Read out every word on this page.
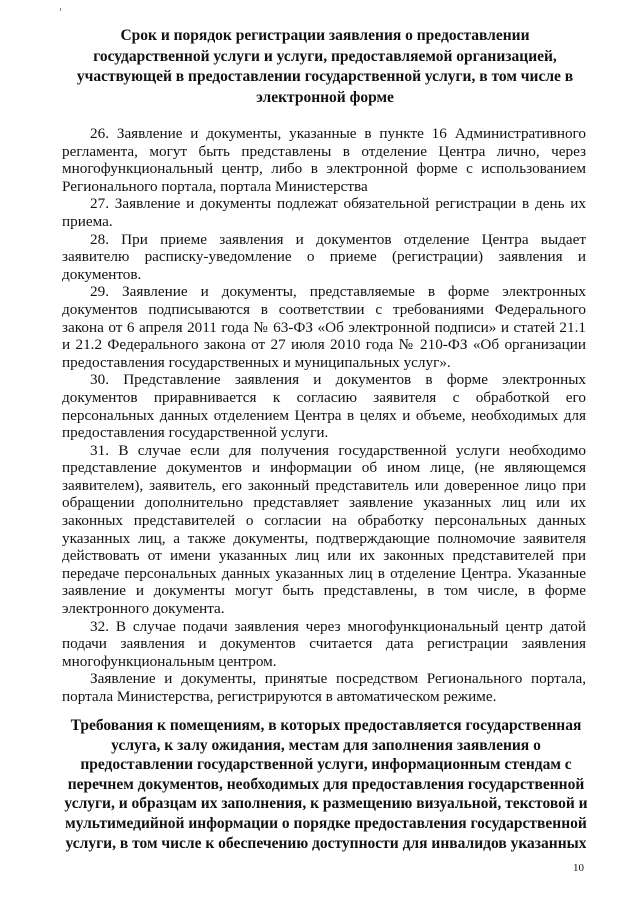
Срок и порядок регистрации заявления о предоставлении государственной услуги и услуги, предоставляемой организацией, участвующей в предоставлении государственной услуги, в том числе в электронной форме

26. Заявление и документы, указанные в пункте 16 Административного регламента, могут быть представлены в отделение Центра лично, через многофункциональный центр, либо в электронной форме с использованием Регионального портала, портала Министерства

27. Заявление и документы подлежат обязательной регистрации в день их приема.

28. При приеме заявления и документов отделение Центра выдает заявителю расписку-уведомление о приеме (регистрации) заявления и документов.

29. Заявление и документы, представляемые в форме электронных документов подписываются в соответствии с требованиями Федерального закона от 6 апреля 2011 года № 63-ФЗ «Об электронной подписи» и статей 21.1 и 21.2 Федерального закона от 27 июля 2010 года № 210-ФЗ «Об организации предоставления государственных и муниципальных услуг».

30. Представление заявления и документов в форме электронных документов приравнивается к согласию заявителя с обработкой его персональных данных отделением Центра в целях и объеме, необходимых для предоставления государственной услуги.

31. В случае если для получения государственной услуги необходимо представление документов и информации об ином лице, (не являющемся заявителем), заявитель, его законный представитель или доверенное лицо при обращении дополнительно представляет заявление указанных лиц или их законных представителей о согласии на обработку персональных данных указанных лиц, а также документы, подтверждающие полномочие заявителя действовать от имени указанных лиц или их законных представителей при передаче персональных данных указанных лиц в отделение Центра. Указанные заявление и документы могут быть представлены, в том числе, в форме электронного документа.

32. В случае подачи заявления через многофункциональный центр датой подачи заявления и документов считается дата регистрации заявления многофункциональным центром.

Заявление и документы, принятые посредством Регионального портала, портала Министерства, регистрируются в автоматическом режиме.

Требования к помещениям, в которых предоставляется государственная услуга, к залу ожидания, местам для заполнения заявления о предоставлении государственной услуги, информационным стендам с перечнем документов, необходимых для предоставления государственной услуги, и образцам их заполнения, к размещению визуальной, текстовой и мультимедийной информации о порядке предоставления государственной услуги, в том числе к обеспечению доступности для инвалидов указанных
10
